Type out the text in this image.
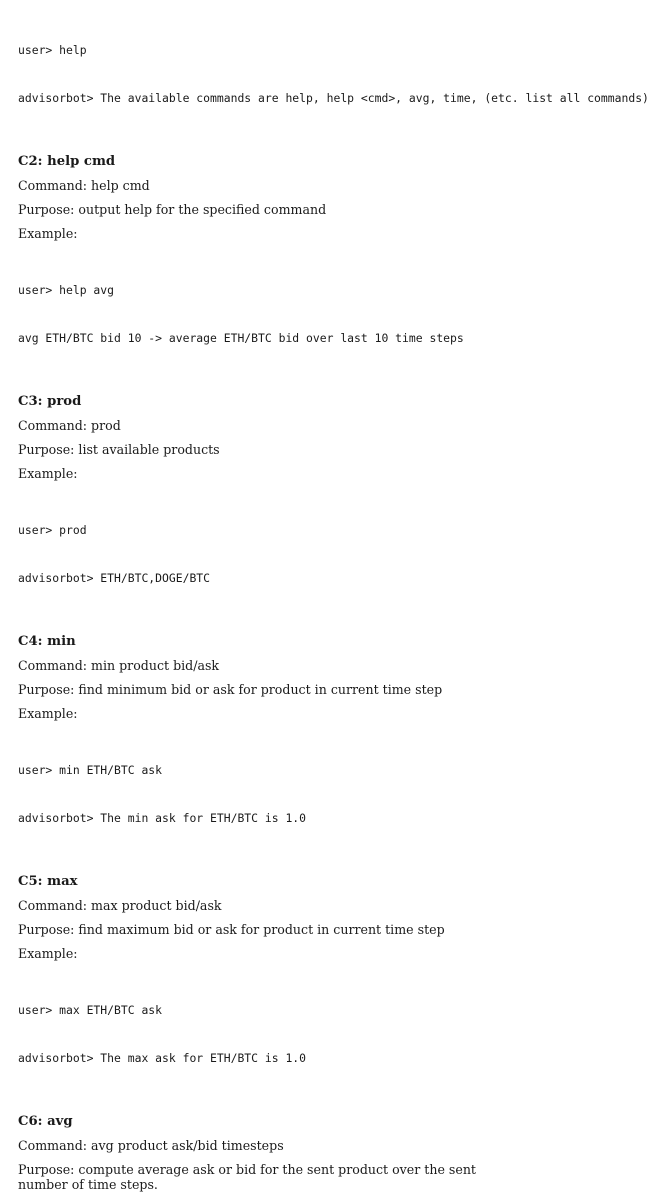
user> help

advisorbot> The available commands are help, help <cmd>, avg, time, (etc. list all commands)

C2: help cmd
Command: help cmd
Purpose: output help for the specified command
Example:

user> help avg

avg ETH/BTC bid 10 -> average ETH/BTC bid over last 10 time steps

C3: prod
Command: prod
Purpose: list available products
Example:

user> prod

advisorbot> ETH/BTC,DOGE/BTC

C4: min
Command: min product bid/ask
Purpose: find minimum bid or ask for product in current time step
Example:

user> min ETH/BTC ask

advisorbot> The min ask for ETH/BTC is 1.0

C5: max
Command: max product bid/ask
Purpose: find maximum bid or ask for product in current time step
Example:

user> max ETH/BTC ask

advisorbot> The max ask for ETH/BTC is 1.0

C6: avg
Command: avg product ask/bid timesteps
Purpose: compute average ask or bid for the sent product over the sent number of time steps.
